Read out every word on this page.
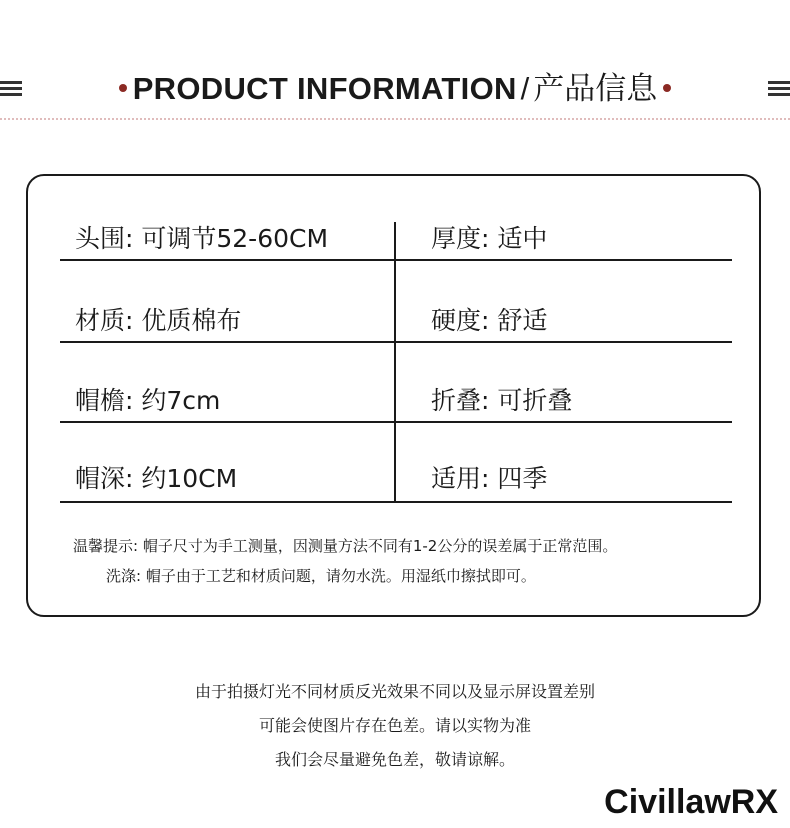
PRODUCT INFORMATION / 产品信息
头围: 可调节52-60CM	厚度: 适中
材质: 优质棉布	硬度: 舒适
帽檐: 约7cm	折叠: 可折叠
帽深: 约10CM	适用: 四季
温馨提示: 帽子尺寸为手工测量，因测量方法不同有1-2公分的误差属于正常范围。
洗涤: 帽子由于工艺和材质问题，请勿水洗。用湿纸巾擦拭即可。
由于拍摄灯光不同材质反光效果不同以及显示屏设置差别
可能会使图片存在色差。请以实物为准
我们会尽量避免色差，敬请谅解。
CivillawRX
